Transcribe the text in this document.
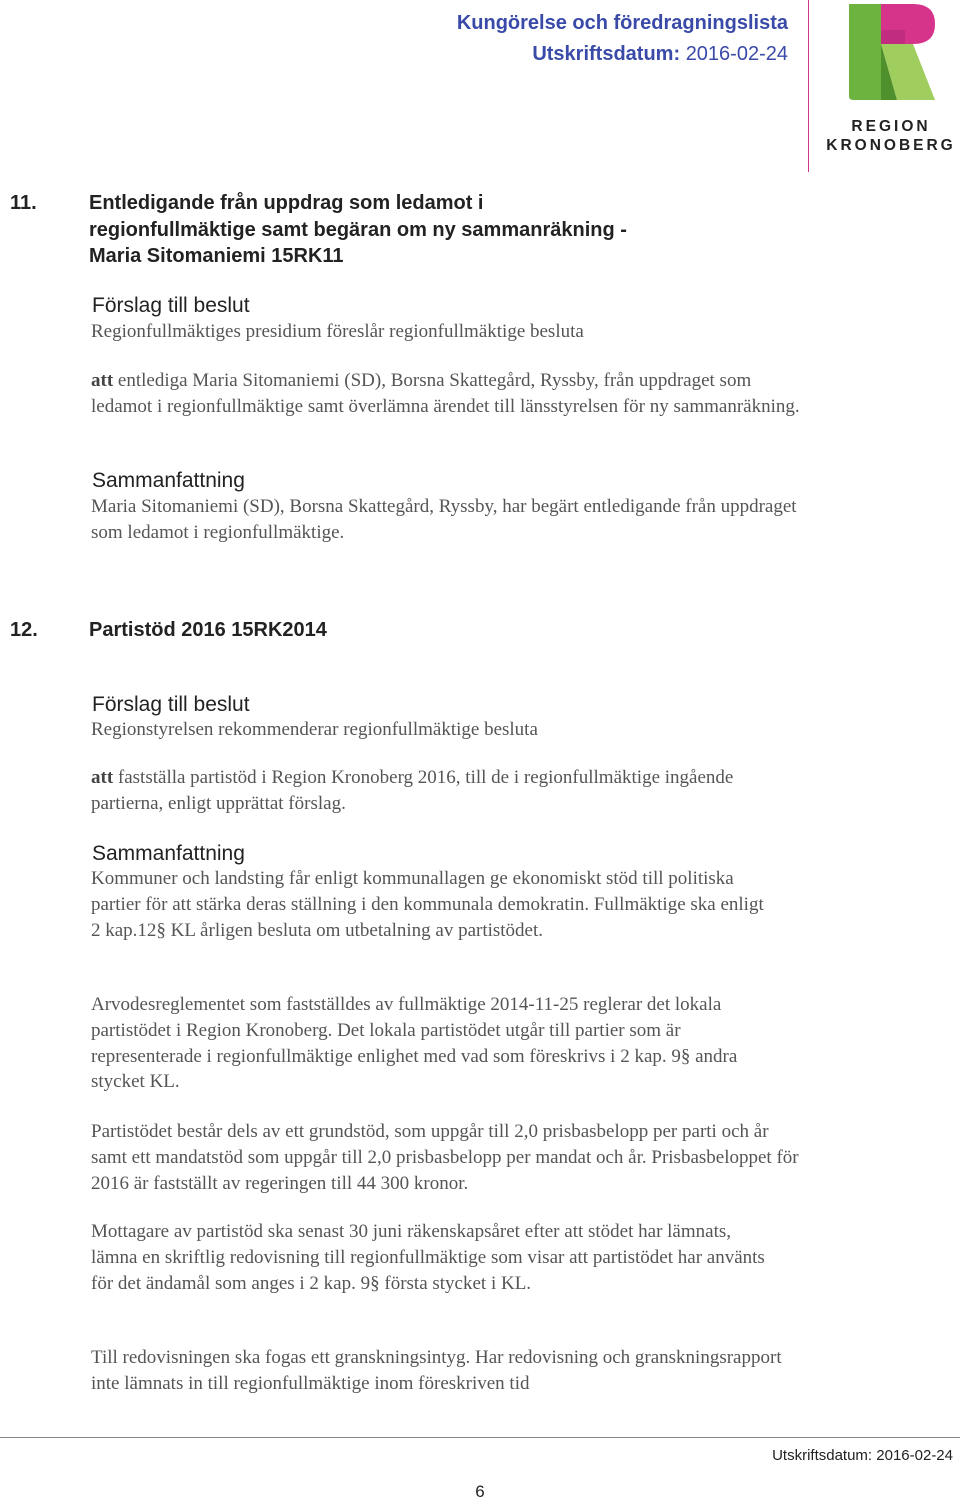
Kungörelse och föredragningslista
Utskriftsdatum: 2016-02-24
REGION
KRONOBERG
11.	Entledigande från uppdrag som ledamot i regionfullmäktige samt begäran om ny sammanräkning - Maria Sitomaniemi 15RK11
Förslag till beslut
Regionfullmäktiges presidium föreslår regionfullmäktige besluta
att entlediga Maria Sitomaniemi (SD), Borsna Skattegård, Ryssby, från uppdraget som ledamot i regionfullmäktige samt överlämna ärendet till länsstyrelsen för ny sammanräkning.
Sammanfattning
Maria Sitomaniemi (SD), Borsna Skattegård, Ryssby, har begärt entledigande från uppdraget som ledamot i regionfullmäktige.
12.	Partistöd 2016 15RK2014
Förslag till beslut
Regionstyrelsen rekommenderar regionfullmäktige besluta
att fastställa partistöd i Region Kronoberg 2016, till de i regionfullmäktige ingående partierna, enligt upprättat förslag.
Sammanfattning
Kommuner och landsting får enligt kommunallagen ge ekonomiskt stöd till politiska partier för att stärka deras ställning i den kommunala demokratin. Fullmäktige ska enligt 2 kap.12§ KL årligen besluta om utbetalning av partistödet.
Arvodesreglementet som fastställdes av fullmäktige 2014-11-25 reglerar det lokala partistödet i Region Kronoberg. Det lokala partistödet utgår till partier som är representerade i regionfullmäktige enlighet med vad som föreskrivs i 2 kap. 9§ andra stycket KL.
Partistödet består dels av ett grundstöd, som uppgår till 2,0 prisbasbelopp per parti och år samt ett mandatstöd som uppgår till 2,0 prisbasbelopp per mandat och år. Prisbasbeloppet för 2016 är fastställt av regeringen till 44 300 kronor.
Mottagare av partistöd ska senast 30 juni räkenskapsåret efter att stödet har lämnats, lämna en skriftlig redovisning till regionfullmäktige som visar att partistödet har använts för det ändamål som anges i 2 kap. 9§ första stycket i KL.
Till redovisningen ska fogas ett granskningsintyg. Har redovisning och granskningsrapport inte lämnats in till regionfullmäktige inom föreskriven tid
Utskriftsdatum: 2016-02-24
6
